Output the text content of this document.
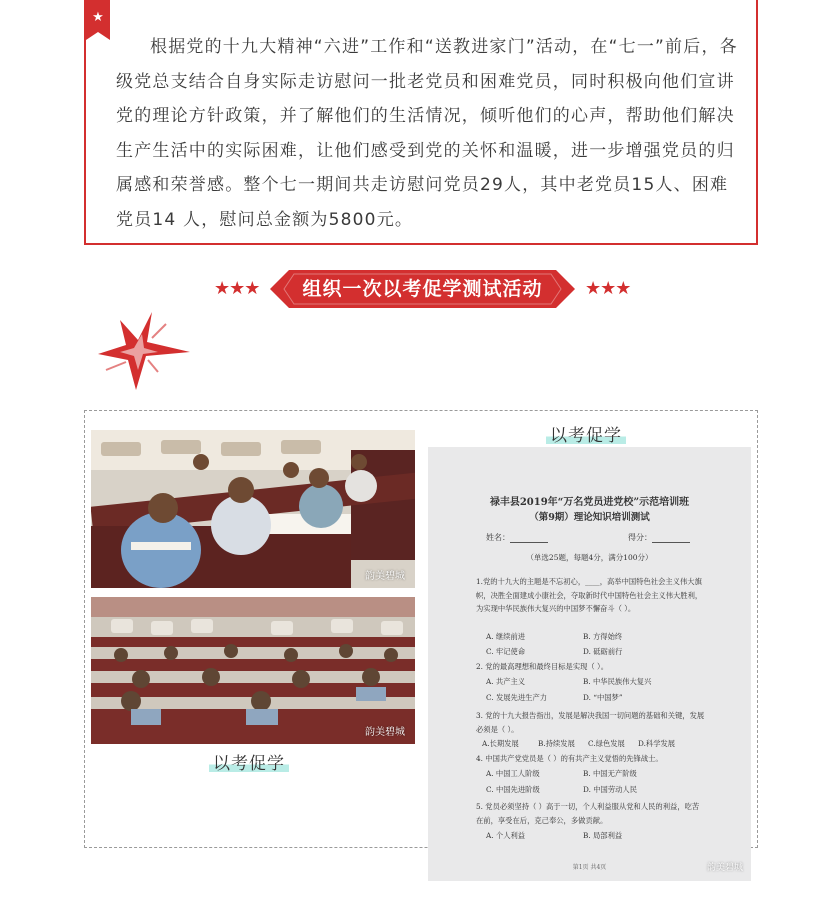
★

根据党的十九大精神“六进”工作和“送教进家门”活动，在“七一”前后，各级党总支结合自身实际走访慰问一批老党员和困难党员，同时积极向他们宣讲党的理论方针政策，并了解他们的生活情况，倾听他们的心声，帮助他们解决生产生活中的实际困难，让他们感受到党的关怀和温暖，进一步增强党员的归属感和荣誉感。整个七一期间共走访慰问党员29人，其中老党员15人、困难党员14 人，慰问总金额为5800元。

★★★	组织一次以考促学测试活动	★★★
韵美碧城
韵美碧城
以考促学
以考促学
禄丰县2019年“万名党员进党校”示范培训班
（第9期）理论知识培训测试
姓名：	得分：
（单选25题，每题4分，满分100分）
1.党的十九大的主题是不忘初心，____，高举中国特色社会主义伟大旗帜，决胜全面建成小康社会，夺取新时代中国特色社会主义伟大胜利，为实现中华民族伟大复兴的中国梦不懈奋斗（ ）。
A. 继续前进	B. 方得始终
C. 牢记使命	D. 砥砺前行
2. 党的最高理想和最终目标是实现（ ）。
A. 共产主义	B. 中华民族伟大复兴
C. 发展先进生产力	D. “中国梦”
3. 党的十九大报告指出，发展是解决我国一切问题的基础和关键，发展必须是（ ）。
A.长期发展	B.持续发展 C.绿色发展 D.科学发展
4. 中国共产党党员是（ ）的有共产主义觉悟的先锋战士。
A. 中国工人阶级	B. 中国无产阶级
C. 中国先进阶级	D. 中国劳动人民
5. 党员必须坚持（ ）高于一切，个人利益服从党和人民的利益，吃苦在前，享受在后，克己奉公，多做贡献。
A. 个人利益	B. 局部利益
第1页 共4页	韵美碧城
